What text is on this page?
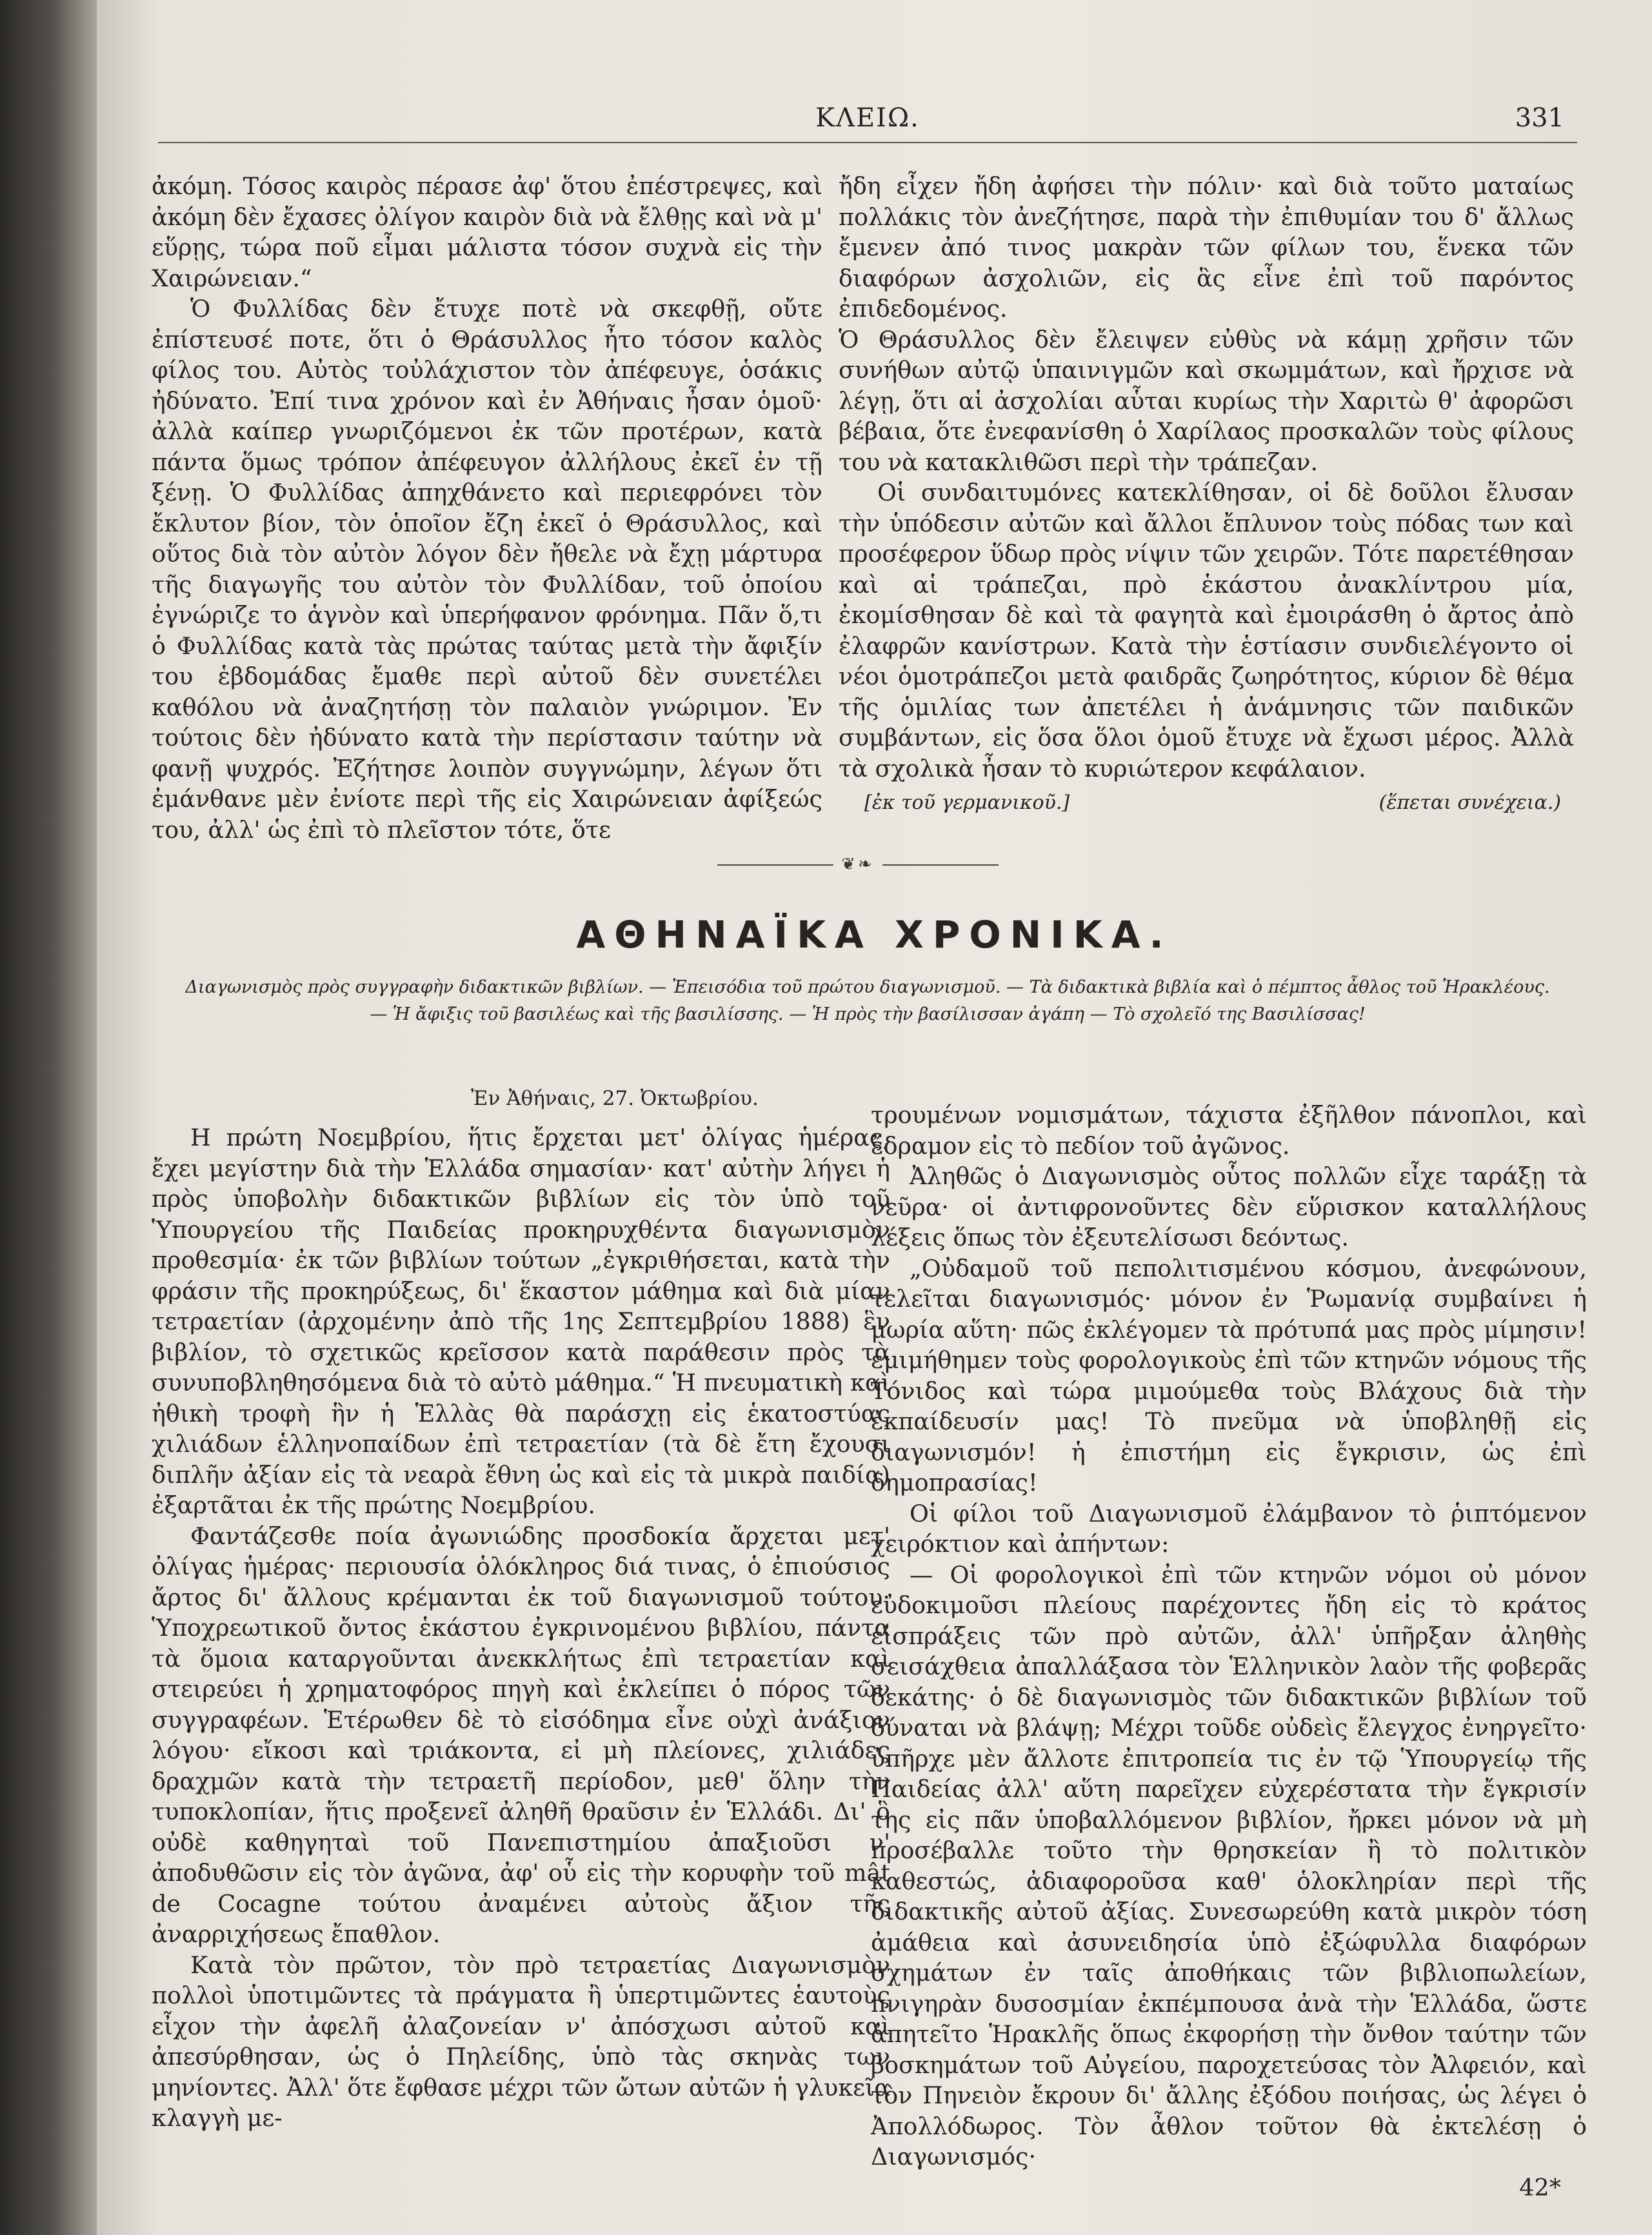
ΚΛΕΙΩ.	331

ἀκόμη. Τόσος καιρὸς πέρασε ἀφ' ὅτου ἐπέστρεψες, καὶ ἀκόμη δὲν ἔχασες ὀλίγον καιρὸν διὰ νὰ ἔλθῃς καὶ νὰ μ' εὕρῃς, τώρα ποῦ εἶμαι μάλιστα τόσον συχνὰ εἰς τὴν Χαιρώνειαν.“

Ὁ Φυλλίδας δὲν ἔτυχε ποτὲ νὰ σκεφθῇ, οὔτε ἐπίστευσέ ποτε, ὅτι ὁ Θράσυλλος ἦτο τόσον καλὸς φίλος του. Αὐτὸς τοὐλάχιστον τὸν ἀπέφευγε, ὁσάκις ἠδύνατο. Ἐπί τινα χρόνον καὶ ἐν Ἀθήναις ἦσαν ὁμοῦ· ἀλλὰ καίπερ γνωριζόμενοι ἐκ τῶν προτέρων, κατὰ πάντα ὅμως τρόπον ἀπέφευγον ἀλλήλους ἐκεῖ ἐν τῇ ξένῃ. Ὁ Φυλλίδας ἀπηχθάνετο καὶ περιεφρόνει τὸν ἔκλυτον βίον, τὸν ὁποῖον ἔζη ἐκεῖ ὁ Θράσυλλος, καὶ οὕτος διὰ τὸν αὐτὸν λόγον δὲν ἤθελε νὰ ἔχῃ μάρτυρα τῆς διαγωγῆς του αὐτὸν τὸν Φυλλίδαν, τοῦ ὁποίου ἐγνώριζε το ἁγνὸν καὶ ὑπερήφανον φρόνημα. Πᾶν ὅ,τι ὁ Φυλλίδας κατὰ τὰς πρώτας ταύτας μετὰ τὴν ἄφιξίν του ἑβδομάδας ἔμαθε περὶ αὐτοῦ δὲν συνετέλει καθόλου νὰ ἀναζητήσῃ τὸν παλαιὸν γνώριμον. Ἐν τούτοις δὲν ἠδύνατο κατὰ τὴν περίστασιν ταύτην νὰ φανῇ ψυχρός. Ἐζήτησε λοιπὸν συγγνώμην, λέγων ὅτι ἐμάνθανε μὲν ἐνίοτε περὶ τῆς εἰς Χαιρώνειαν ἀφίξεώς του, ἀλλ' ὡς ἐπὶ τὸ πλεῖστον τότε, ὅτε

ἤδη εἶχεν ἤδη ἀφήσει τὴν πόλιν· καὶ διὰ τοῦτο ματαίως πολλάκις τὸν ἀνεζήτησε, παρὰ τὴν ἐπιθυμίαν του δ' ἄλλως ἔμενεν ἀπό τινος μακρὰν τῶν φίλων του, ἕνεκα τῶν διαφόρων ἀσχολιῶν, εἰς ἃς εἶνε ἐπὶ τοῦ παρόντος ἐπιδεδομένος.

Ὁ Θράσυλλος δὲν ἔλειψεν εὐθὺς νὰ κάμῃ χρῆσιν τῶν συνήθων αὐτῷ ὑπαινιγμῶν καὶ σκωμμάτων, καὶ ἤρχισε νὰ λέγῃ, ὅτι αἱ ἀσχολίαι αὗται κυρίως τὴν Χαριτὼ θ' ἀφορῶσι βέβαια, ὅτε ἐνεφανίσθη ὁ Χαρίλαος προσκαλῶν τοὺς φίλους του νὰ κατακλιθῶσι περὶ τὴν τράπεζαν.

Οἱ συνδαιτυμόνες κατεκλίθησαν, οἱ δὲ δοῦλοι ἔλυσαν τὴν ὑπόδεσιν αὐτῶν καὶ ἄλλοι ἔπλυνον τοὺς πόδας των καὶ προσέφερον ὕδωρ πρὸς νίψιν τῶν χειρῶν. Τότε παρετέθησαν καὶ αἱ τράπεζαι, πρὸ ἑκάστου ἀνακλίντρου μία, ἐκομίσθησαν δὲ καὶ τὰ φαγητὰ καὶ ἐμοιράσθη ὁ ἄρτος ἀπὸ ἐλαφρῶν κανίστρων. Κατὰ τὴν ἑστίασιν συνδιελέγοντο οἱ νέοι ὁμοτράπεζοι μετὰ φαιδρᾶς ζωηρότητος, κύριον δὲ θέμα τῆς ὁμιλίας των ἀπετέλει ἡ ἀνάμνησις τῶν παιδικῶν συμβάντων, εἰς ὅσα ὅλοι ὁμοῦ ἔτυχε νὰ ἔχωσι μέρος. Ἀλλὰ τὰ σχολικὰ ἦσαν τὸ κυριώτερον κεφάλαιον.

[ἐκ τοῦ γερμανικοῦ.]	(ἕπεται συνέχεια.)
❦❧
ΑΘΗΝΑΪΚΑ ΧΡΟΝΙΚΑ.
Διαγωνισμὸς πρὸς συγγραφὴν διδακτικῶν βιβλίων. — Ἐπεισόδια τοῦ πρώτου διαγωνισμοῦ. — Τὰ διδακτικὰ βιβλία καὶ ὁ πέμπτος ἆθλος τοῦ Ἡρακλέους.
— Ἡ ἄφιξις τοῦ βασιλέως καὶ τῆς βασιλίσσης. — Ἡ πρὸς τὴν βασίλισσαν ἀγάπη — Τὸ σχολεῖό της Βασιλίσσας!
Ἐν Ἀθήναις, 27. Ὀκτωβρίου.

Η πρώτη Νοεμβρίου, ἥτις ἔρχεται μετ' ὀλίγας ἡμέρας, ἔχει μεγίστην διὰ τὴν Ἑλλάδα σημασίαν· κατ' αὐτὴν λήγει ἡ πρὸς ὑποβολὴν διδακτικῶν βιβλίων εἰς τὸν ὑπὸ τοῦ Ὑπουργείου τῆς Παιδείας προκηρυχθέντα διαγωνισμὸν προθεσμία· ἐκ τῶν βιβλίων τούτων „ἐγκριθήσεται, κατὰ τὴν φράσιν τῆς προκηρύξεως, δι' ἕκαστον μάθημα καὶ διὰ μίαν τετραετίαν (ἀρχομένην ἀπὸ τῆς 1ης Σεπτεμβρίου 1888) ἓν βιβλίον, τὸ σχετικῶς κρεῖσσον κατὰ παράθεσιν πρὸς τὰ συνυποβληθησόμενα διὰ τὸ αὐτὸ μάθημα.“ Ἡ πνευματικὴ καὶ ἠθικὴ τροφὴ ἣν ἡ Ἑλλὰς θὰ παράσχῃ εἰς ἑκατοστύας χιλιάδων ἑλληνοπαίδων ἐπὶ τετραετίαν (τὰ δὲ ἔτη ἔχουσι διπλῆν ἀξίαν εἰς τὰ νεαρὰ ἔθνη ὡς καὶ εἰς τὰ μικρὰ παιδία) ἐξαρτᾶται ἐκ τῆς πρώτης Νοεμβρίου.

Φαντάζεσθε ποία ἀγωνιώδης προσδοκία ἄρχεται μετ' ὀλίγας ἡμέρας· περιουσία ὁλόκληρος διά τινας, ὁ ἐπιούσιος ἄρτος δι' ἄλλους κρέμανται ἐκ τοῦ διαγωνισμοῦ τούτου· Ὑποχρεωτικοῦ ὄντος ἑκάστου ἐγκρινομένου βιβλίου, πάντα τὰ ὅμοια καταργοῦνται ἀνεκκλήτως ἐπὶ τετραετίαν καὶ στειρεύει ἡ χρηματοφόρος πηγὴ καὶ ἐκλείπει ὁ πόρος τῶν συγγραφέων. Ἑτέρωθεν δὲ τὸ εἰσόδημα εἶνε οὐχὶ ἀνάξιον λόγου· εἴκοσι καὶ τριάκοντα, εἰ μὴ πλείονες, χιλιάδες δραχμῶν κατὰ τὴν τετραετῆ περίοδον, μεθ' ὅλην τὴν τυποκλοπίαν, ἥτις προξενεῖ ἀληθῆ θραῦσιν ἐν Ἑλλάδι. Δι' ὃ οὐδὲ καθηγηταὶ τοῦ Πανεπιστημίου ἀπαξιοῦσι ν' ἀποδυθῶσιν εἰς τὸν ἀγῶνα, ἀφ' οὗ εἰς τὴν κορυφὴν τοῦ mât de Cocagne τούτου ἀναμένει αὐτοὺς ἄξιον τῆς ἀναρριχήσεως ἔπαθλον.

Κατὰ τὸν πρῶτον, τὸν πρὸ τετραετίας Διαγωνισμὸν πολλοὶ ὑποτιμῶντες τὰ πράγματα ἢ ὑπερτιμῶντες ἑαυτοὺς εἶχον τὴν ἀφελῆ ἀλαζονείαν ν' ἀπόσχωσι αὐτοῦ καὶ ἀπεσύρθησαν, ὡς ὁ Πηλείδης, ὑπὸ τὰς σκηνὰς των μηνίοντες. Ἀλλ' ὅτε ἔφθασε μέχρι τῶν ὤτων αὐτῶν ἡ γλυκεῖα κλαγγὴ με-

τρουμένων νομισμάτων, τάχιστα ἐξῆλθον πάνοπλοι, καὶ ἔδραμον εἰς τὸ πεδίον τοῦ ἀγῶνος.

Ἀληθῶς ὁ Διαγωνισμὸς οὗτος πολλῶν εἶχε ταράξῃ τὰ νεῦρα· οἱ ἀντιφρονοῦντες δὲν εὕρισκον καταλλήλους λέξεις ὅπως τὸν ἐξευτελίσωσι δεόντως.

„Οὐδαμοῦ τοῦ πεπολιτισμένου κόσμου, ἀνεφώνουν, τελεῖται διαγωνισμός· μόνον ἐν Ῥωμανίᾳ συμβαίνει ἡ μωρία αὕτη· πῶς ἐκλέγομεν τὰ πρότυπά μας πρὸς μίμησιν! ἐμιμήθημεν τοὺς φορολογικοὺς ἐπὶ τῶν κτηνῶν νόμους τῆς Τόνιδος καὶ τώρα μιμούμεθα τοὺς Βλάχους διὰ τὴν ἐκπαίδευσίν μας! Τὸ πνεῦμα νὰ ὑποβληθῇ εἰς διαγωνισμόν! ἡ ἐπιστήμη εἰς ἔγκρισιν, ὡς ἐπὶ δημοπρασίας!

Οἱ φίλοι τοῦ Διαγωνισμοῦ ἐλάμβανον τὸ ῥιπτόμενον χειρόκτιον καὶ ἀπήντων:

— Οἱ φορολογικοὶ ἐπὶ τῶν κτηνῶν νόμοι οὐ μόνον εὐδοκιμοῦσι πλείους παρέχοντες ἤδη εἰς τὸ κράτος εἰσπράξεις τῶν πρὸ αὐτῶν, ἀλλ' ὑπῆρξαν ἀληθὴς σεισάχθεια ἀπαλλάξασα τὸν Ἑλληνικὸν λαὸν τῆς φοβερᾶς δεκάτης· ὁ δὲ διαγωνισμὸς τῶν διδακτικῶν βιβλίων τοῦ δύναται νὰ βλάψῃ; Μέχρι τοῦδε οὐδεὶς ἔλεγχος ἐνηργεῖτο· ὑπῆρχε μὲν ἄλλοτε ἐπιτροπεία τις ἐν τῷ Ὑπουργείῳ τῆς Παιδείας ἀλλ' αὕτη παρεῖχεν εὐχερέστατα τὴν ἔγκρισίν της εἰς πᾶν ὑποβαλλόμενον βιβλίον, ἤρκει μόνον νὰ μὴ προσέβαλλε τοῦτο τὴν θρησκείαν ἢ τὸ πολιτικὸν καθεστώς, ἀδιαφοροῦσα καθ' ὁλοκληρίαν περὶ τῆς διδακτικῆς αὐτοῦ ἀξίας. Συνεσωρεύθη κατὰ μικρὸν τόση ἀμάθεια καὶ ἀσυνειδησία ὑπὸ ἐξώφυλλα διαφόρων σχημάτων ἐν ταῖς ἀποθήκαις τῶν βιβλιοπωλείων, πνιγηρὰν δυσοσμίαν ἐκπέμπουσα ἀνὰ τὴν Ἑλλάδα, ὥστε ἀπητεῖτο Ἡρακλῆς ὅπως ἐκφορήσῃ τὴν ὄνθον ταύτην τῶν βοσκημάτων τοῦ Αὐγείου, παροχετεύσας τὸν Ἀλφειόν, καὶ τὸν Πηνειὸν ἔκρουν δι' ἄλλης ἐξόδου ποιήσας, ὡς λέγει ὁ Ἀπολλόδωρος. Τὸν ἆθλον τοῦτον θὰ ἐκτελέσῃ ὁ Διαγωνισμός·

42*
